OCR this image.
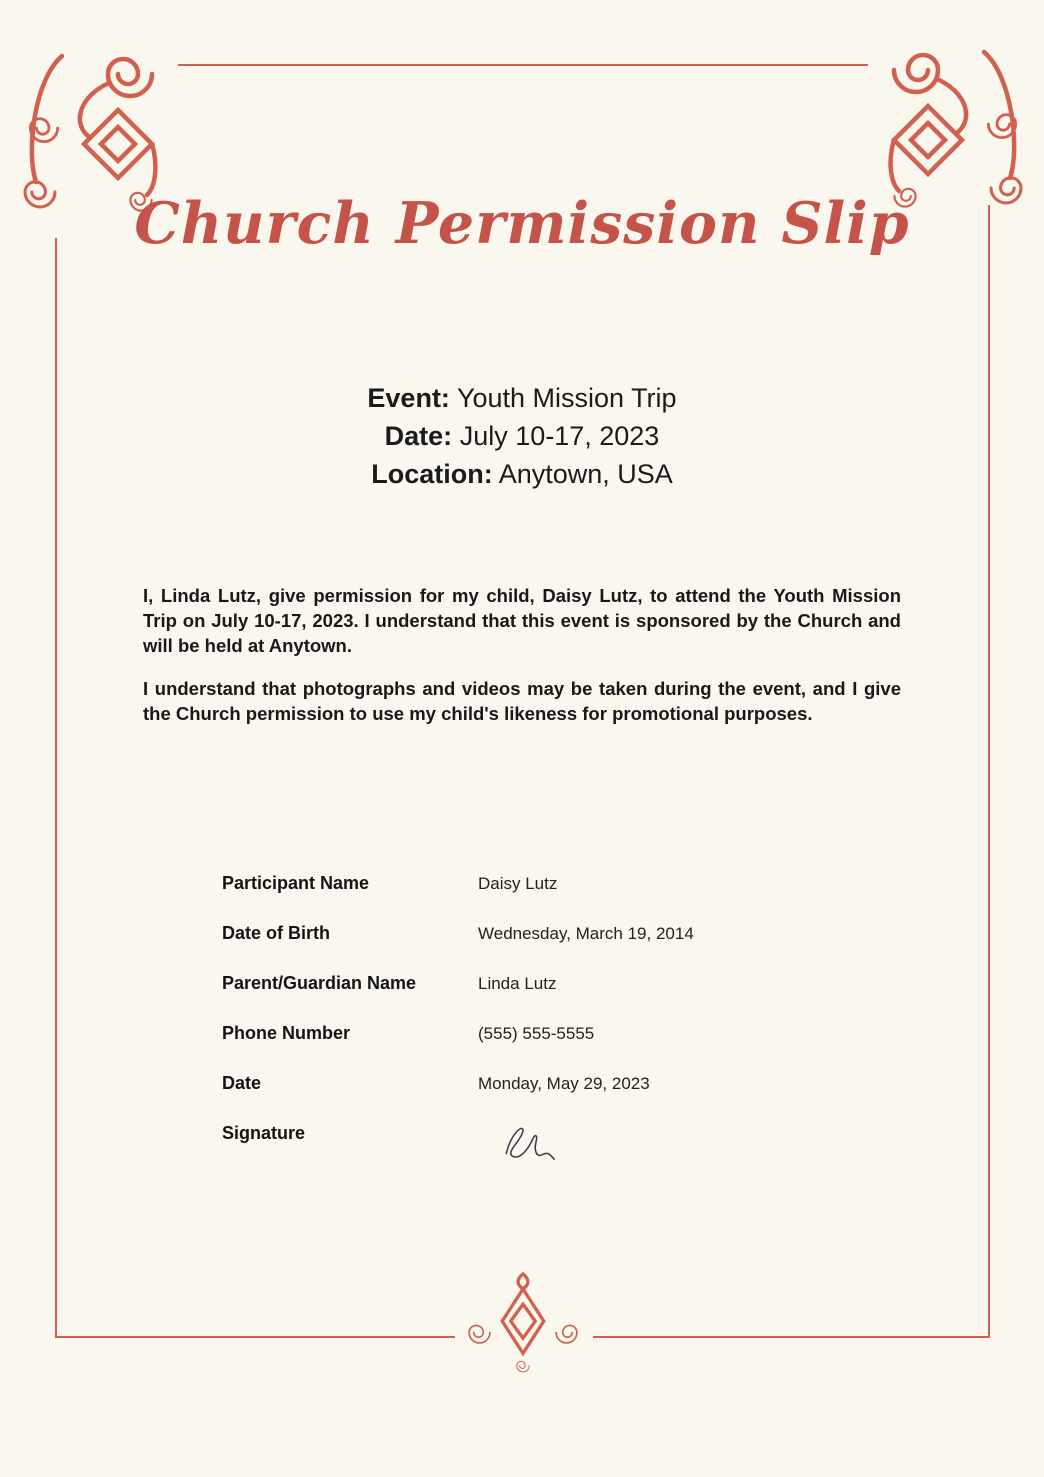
Church Permission Slip
Event: Youth Mission Trip
Date: July 10-17, 2023
Location: Anytown, USA

I, Linda Lutz, give permission for my child, Daisy Lutz, to attend the Youth Mission Trip on July 10-17, 2023. I understand that this event is sponsored by the Church and will be held at Anytown.

I understand that photographs and videos may be taken during the event, and I give the Church permission to use my child's likeness for promotional purposes.

Participant Name	Daisy Lutz
Date of Birth	Wednesday, March 19, 2014
Parent/Guardian Name	Linda Lutz
Phone Number	(555) 555-5555
Date	Monday, May 29, 2023
Signature
